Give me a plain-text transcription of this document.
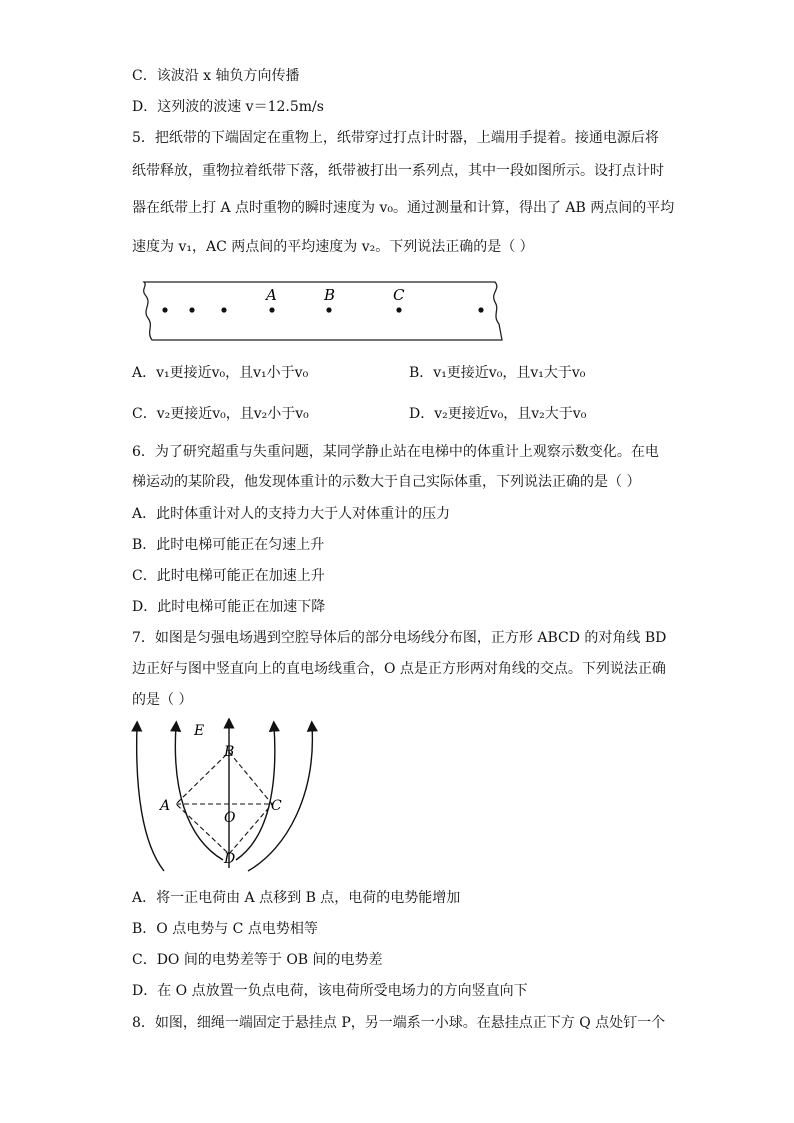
C．该波沿 x 轴负方向传播
D．这列波的波速 v＝12.5m/s
5．把纸带的下端固定在重物上，纸带穿过打点计时器，上端用手提着。接通电源后将
纸带释放，重物拉着纸带下落，纸带被打出一系列点，其中一段如图所示。设打点计时
器在纸带上打 A 点时重物的瞬时速度为 v₀。通过测量和计算，得出了 AB 两点间的平均
速度为 v₁，AC 两点间的平均速度为 v₂。下列说法正确的是（ ）
A	B	C
A．v₁更接近v₀，且v₁小于v₀	B．v₁更接近v₀，且v₁大于v₀
C．v₂更接近v₀，且v₂小于v₀	D．v₂更接近v₀，且v₂大于v₀
6．为了研究超重与失重问题，某同学静止站在电梯中的体重计上观察示数变化。在电
梯运动的某阶段，他发现体重计的示数大于自己实际体重，下列说法正确的是（ ）
A．此时体重计对人的支持力大于人对体重计的压力
B．此时电梯可能正在匀速上升
C．此时电梯可能正在加速上升
D．此时电梯可能正在加速下降
7．如图是匀强电场遇到空腔导体后的部分电场线分布图，正方形 ABCD 的对角线 BD
边正好与图中竖直向上的直电场线重合，O 点是正方形两对角线的交点。下列说法正确
的是（ ）
E
B
A	C
O
D
A．将一正电荷由 A 点移到 B 点，电荷的电势能增加
B．O 点电势与 C 点电势相等
C．DO 间的电势差等于 OB 间的电势差
D．在 O 点放置一负点电荷，该电荷所受电场力的方向竖直向下
8．如图，细绳一端固定于悬挂点 P，另一端系一小球。在悬挂点正下方 Q 点处钉一个
